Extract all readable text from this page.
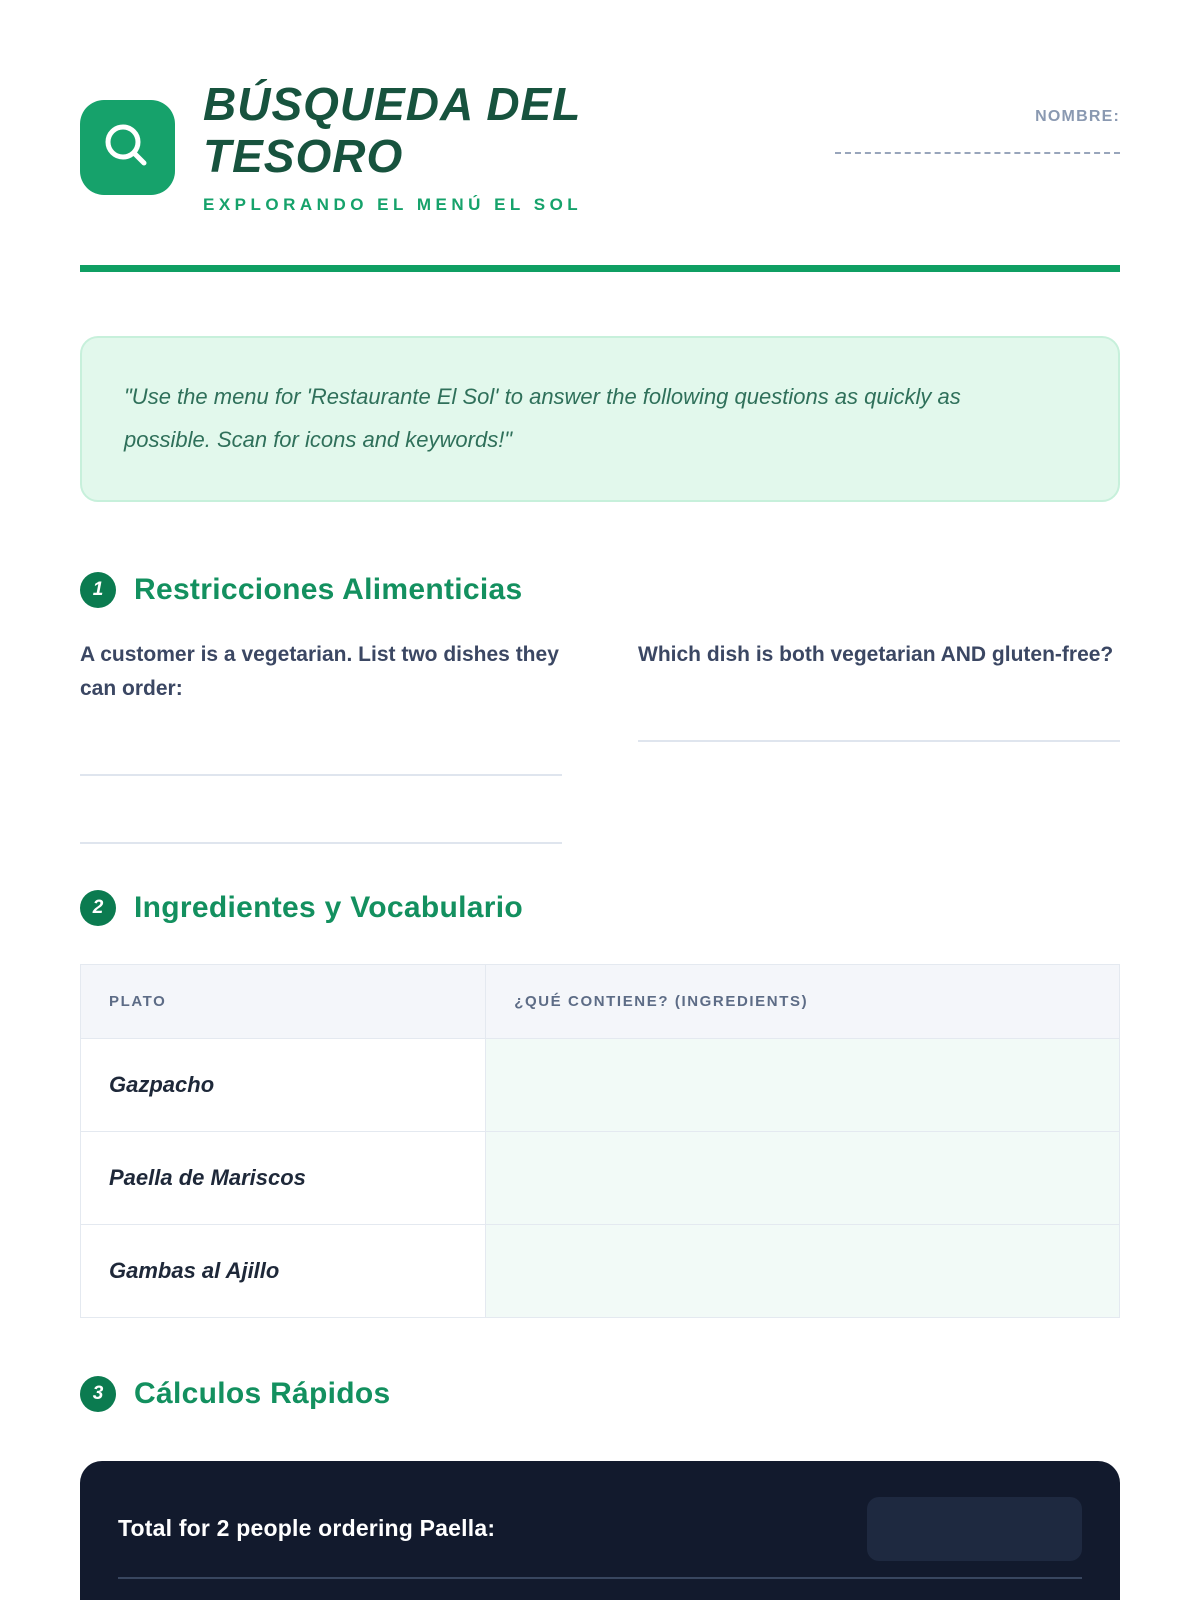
BÚSQUEDA DEL
TESORO
EXPLORANDO EL MENÚ EL SOL
NOMBRE:

"Use the menu for 'Restaurante El Sol' to answer the following questions as quickly as possible. Scan for icons and keywords!"

1	Restricciones Alimenticias
A customer is a vegetarian. List two dishes they can order:
Which dish is both vegetarian AND gluten-free?
2	Ingredientes y Vocabulario
PLATO	¿QUÉ CONTIENE? (INGREDIENTS)
Gazpacho	
Paella de Mariscos	
Gambas al Ajillo	
3	Cálculos Rápidos
Total for 2 people ordering Paella:
